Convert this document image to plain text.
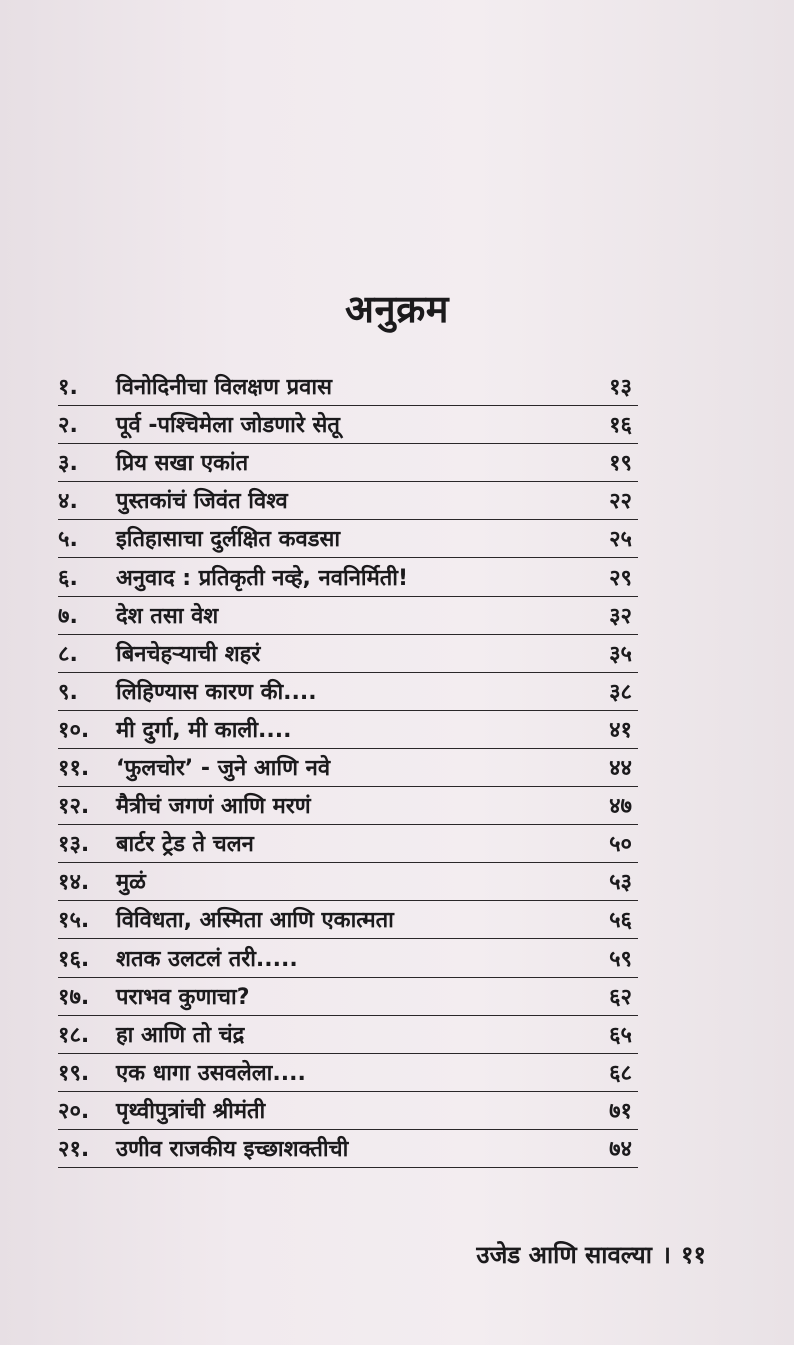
अनुक्रम
१.	विनोदिनीचा विलक्षण प्रवास	१३
२.	पूर्व -पश्चिमेला जोडणारे सेतू	१६
३.	प्रिय सखा एकांत	१९
४.	पुस्तकांचं जिवंत विश्व	२२
५.	इतिहासाचा दुर्लक्षित कवडसा	२५
६.	अनुवाद : प्रतिकृती नव्हे, नवनिर्मिती!	२९
७.	देश तसा वेश	३२
८.	बिनचेहऱ्याची शहरं	३५
९.	लिहिण्यास कारण की....	३८
१०.	मी दुर्गा, मी काली....	४१
११.	‘फुलचोर’ - जुने आणि नवे	४४
१२.	मैत्रीचं जगणं आणि मरणं	४७
१३.	बार्टर ट्रेड ते चलन	५०
१४.	मुळं	५३
१५.	विविधता, अस्मिता आणि एकात्मता	५६
१६.	शतक उलटलं तरी.....	५९
१७.	पराभव कुणाचा?	६२
१८.	हा आणि तो चंद्र	६५
१९.	एक धागा उसवलेला....	६८
२०.	पृथ्वीपुत्रांची श्रीमंती	७१
२१.	उणीव राजकीय इच्छाशक्तीची	७४
उजेड आणि सावल्या । ११
